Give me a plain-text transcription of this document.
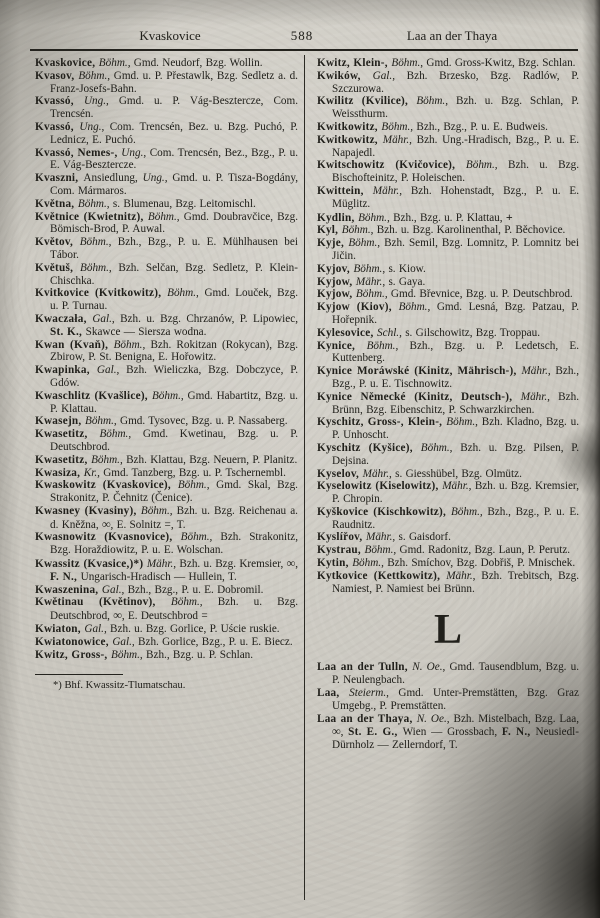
Kvaskovice	588	Laa an der Thaya

Kvaskovice, Böhm., Gmd. Neudorf, Bzg. Wollin.

Kvasov, Böhm., Gmd. u. P. Přestawlk, Bzg. Sedletz a. d. Franz-Josefs-Bahn.

Kvassó, Ung., Gmd. u. P. Vág-Besztercze, Com. Trencsén.

Kvassó, Ung., Com. Trencsén, Bez. u. Bzg. Puchó, P. Lednicz, E. Puchó.

Kvassó, Nemes-, Ung., Com. Trencsén, Bez., Bzg., P. u. E. Vág-Besztercze.

Kvaszni, Ansiedlung, Ung., Gmd. u. P. Tisza-Bogdány, Com. Mármaros.

Května, Böhm., s. Blumenau, Bzg. Leitomischl.

Květnice (Kwietnitz), Böhm., Gmd. Doubravčice, Bzg. Bömisch-Brod, P. Auwal.

Květov, Böhm., Bzh., Bzg., P. u. E. Mühlhausen bei Tábor.

Květuš, Böhm., Bzh. Selčan, Bzg. Sedletz, P. Klein-Chischka.

Kvitkovice (Kvitkowitz), Böhm., Gmd. Louček, Bzg. u. P. Turnau.

Kwaczała, Gal., Bzh. u. Bzg. Chrzanów, P. Lipowiec, St. K., Skawce — Siersza wodna.

Kwan (Kvaň), Böhm., Bzh. Rokitzan (Rokycan), Bzg. Zbirow, P. St. Benigna, E. Hořowitz.

Kwapinka, Gal., Bzh. Wieliczka, Bzg. Dobczyce, P. Gdów.

Kwaschlitz (Kvašlice), Böhm., Gmd. Habartitz, Bzg. u. P. Klattau.

Kwasejn, Böhm., Gmd. Tysovec, Bzg. u. P. Nassaberg.

Kwasetitz, Böhm., Gmd. Kwetinau, Bzg. u. P. Deutschbrod.

Kwasetitz, Böhm., Bzh. Klattau, Bzg. Neuern, P. Planitz.

Kwasiza, Kr., Gmd. Tanzberg, Bzg. u. P. Tschernembl.

Kwaskowitz (Kvaskovice), Böhm., Gmd. Skal, Bzg. Strakonitz, P. Čehnitz (Čenice).

Kwasney (Kvasiny), Böhm., Bzh. u. Bzg. Reichenau a. d. Kněžna, ∞, E. Solnitz =, T.

Kwasnowitz (Kvasnovice), Böhm., Bzh. Strakonitz, Bzg. Horaždiowitz, P. u. E. Wolschan.

Kwassitz (Kvasice,)*) Mähr., Bzh. u. Bzg. Kremsier, ∞, F. N., Ungarisch-Hradisch — Hullein, T.

Kwaszenina, Gal., Bzh., Bzg., P. u. E. Dobromil.

Kwětinau (Květinov), Böhm., Bzh. u. Bzg. Deutschbrod, ∞, E. Deutschbrod =

Kwiaton, Gal., Bzh. u. Bzg. Gorlice, P. Uście ruskie.

Kwiatonowice, Gal., Bzh. Gorlice, Bzg., P. u. E. Biecz.

Kwitz, Gross-, Böhm., Bzh., Bzg. u. P. Schlan.

*) Bhf. Kwassitz-Tlumatschau.

Kwitz, Klein-, Böhm., Gmd. Gross-Kwitz, Bzg. Schlan.

Kwików, Gal., Bzh. Brzesko, Bzg. Radlów, P. Szczurowa.

Kwilitz (Kvilice), Böhm., Bzh. u. Bzg. Schlan, P. Weissthurm.

Kwitkowitz, Böhm., Bzh., Bzg., P. u. E. Budweis.

Kwitkowitz, Mähr., Bzh. Ung.-Hradisch, Bzg., P. u. E. Napajedl.

Kwitschowitz (Kvičovice), Böhm., Bzh. u. Bzg. Bischofteinitz, P. Holeischen.

Kwittein, Mähr., Bzh. Hohenstadt, Bzg., P. u. E. Müglitz.

Kydlin, Böhm., Bzh., Bzg. u. P. Klattau, +

Kyl, Böhm., Bzh. u. Bzg. Karolinenthal, P. Běchovice.

Kyje, Böhm., Bzh. Semil, Bzg. Lomnitz, P. Lomnitz bei Jičin.

Kyjov, Böhm., s. Kiow.

Kyjow, Mähr., s. Gaya.

Kyjow, Böhm., Gmd. Břevnice, Bzg. u. P. Deutschbrod.

Kyjow (Kiov), Böhm., Gmd. Lesná, Bzg. Patzau, P. Hořepnik.

Kylesovice, Schl., s. Gilschowitz, Bzg. Troppau.

Kynice, Böhm., Bzh., Bzg. u. P. Ledetsch, E. Kuttenberg.

Kynice Moráwské (Kinitz, Mährisch-), Mähr., Bzh., Bzg., P. u. E. Tischnowitz.

Kynice Německé (Kinitz, Deutsch-), Mähr., Bzh. Brünn, Bzg. Eibenschitz, P. Schwarzkirchen.

Kyschitz, Gross-, Klein-, Böhm., Bzh. Kladno, Bzg. u. P. Unhoscht.

Kyschitz (Kyšice), Böhm., Bzh. u. Bzg. Pilsen, P. Dejsina.

Kyselov, Mähr., s. Giesshübel, Bzg. Olmütz.

Kyselowitz (Kiselowitz), Mähr., Bzh. u. Bzg. Kremsier, P. Chropin.

Kyškovice (Kischkowitz), Böhm., Bzh., Bzg., P. u. E. Raudnitz.

Kyslířov, Mähr., s. Gaisdorf.

Kystrau, Böhm., Gmd. Radonitz, Bzg. Laun, P. Perutz.

Kytin, Böhm., Bzh. Smíchov, Bzg. Dobřiš, P. Mnischek.

Kytkovice (Kettkowitz), Mähr., Bzh. Trebitsch, Bzg. Namiest, P. Namiest bei Brünn.

L

Laa an der Tulln, N. Oe., Gmd. Tausendblum, Bzg. u. P. Neulengbach.

Laa, Steierm., Gmd. Unter-Premstätten, Bzg. Graz Umgebg., P. Premstätten.

Laa an der Thaya, N. Oe., Bzh. Mistelbach, Bzg. Laa, ∞, St. E. G., Wien — Grossbach, F. N., Neusiedl-Dürnholz — Zellerndorf, T.
